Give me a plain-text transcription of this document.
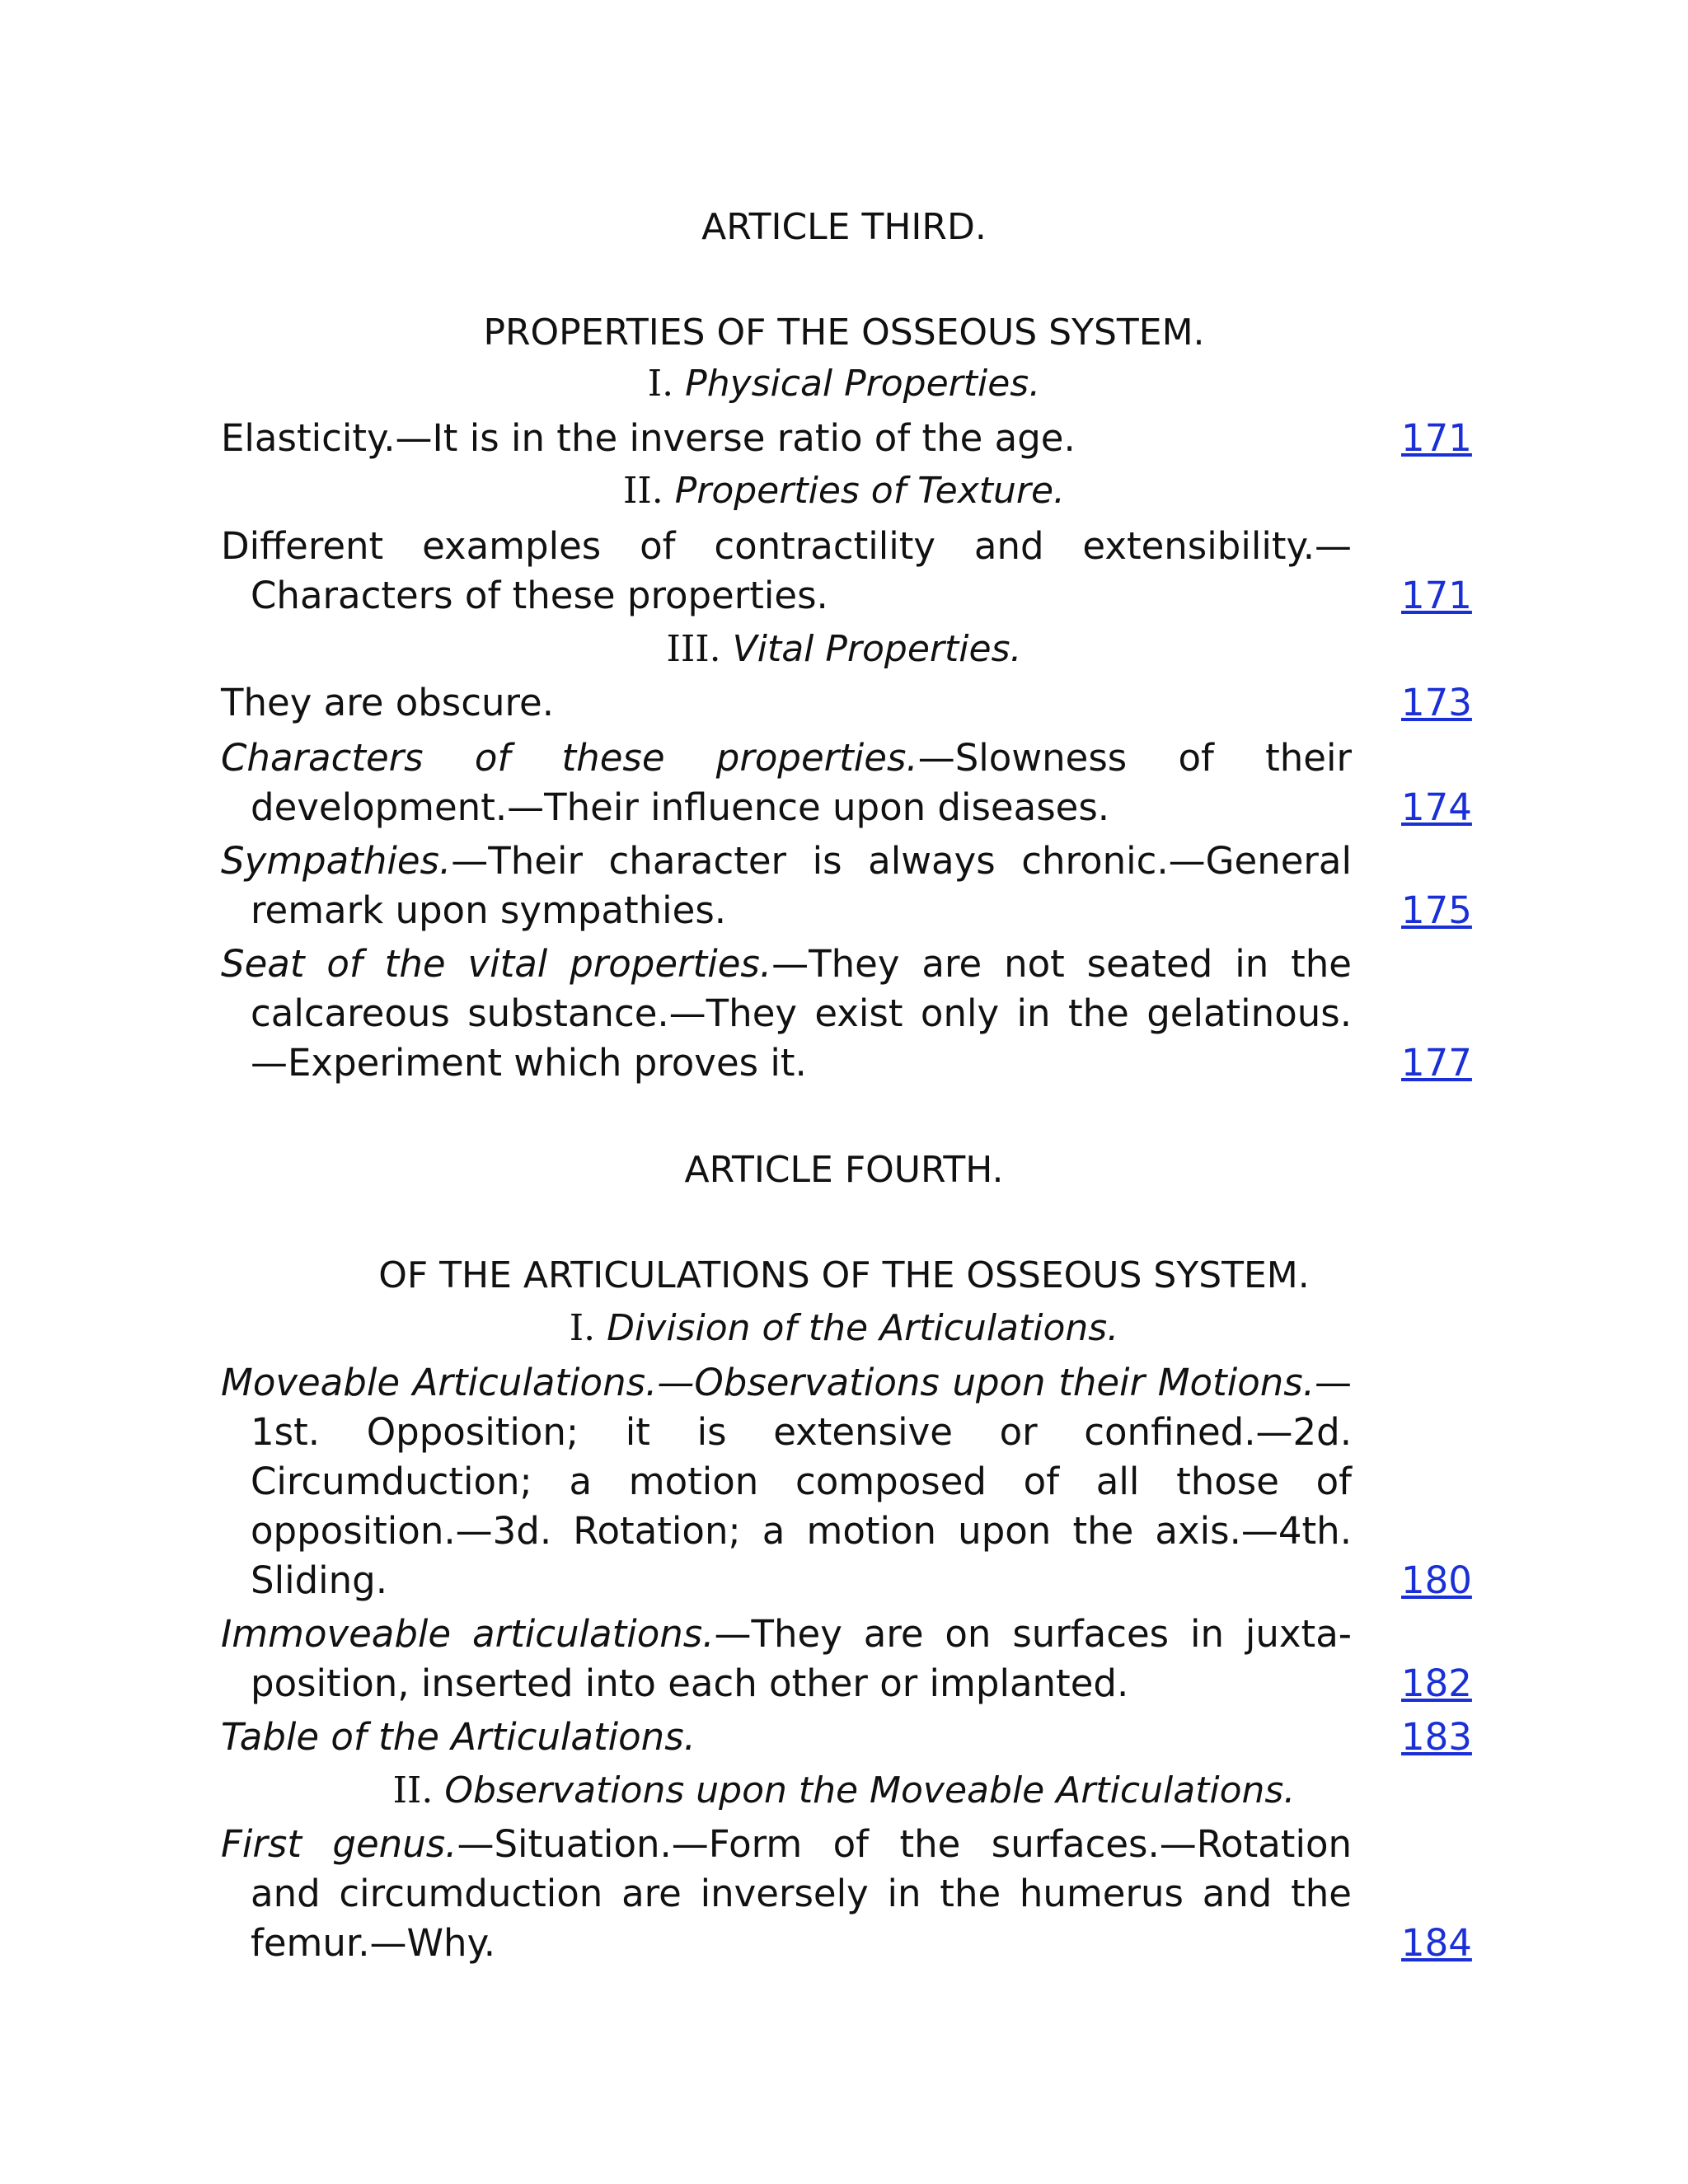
ARTICLE THIRD.
PROPERTIES OF THE OSSEOUS SYSTEM.
I. Physical Properties.
Elasticity.—It is in the inverse ratio of the age.	171
II. Properties of Texture.
Different examples of contractility and extensibility.—Characters of these properties.	171
III. Vital Properties.
They are obscure.	173
Characters of these properties.—Slowness of their development.—Their influence upon diseases.	174
Sympathies.—Their character is always chronic.—General remark upon sympathies.	175
Seat of the vital properties.—They are not seated in the calcareous substance.—They exist only in the gelatinous.—Experiment which proves it.	177
ARTICLE FOURTH.
OF THE ARTICULATIONS OF THE OSSEOUS SYSTEM.
I. Division of the Articulations.
Moveable Articulations.—Observations upon their Motions.—1st. Opposition; it is extensive or confined.—2d. Circumduction; a motion composed of all those of opposition.—3d. Rotation; a motion upon the axis.—4th. Sliding.	180
Immoveable articulations.—They are on surfaces in juxta-position, inserted into each other or implanted.	182
Table of the Articulations.	183
II. Observations upon the Moveable Articulations.
First genus.—Situation.—Form of the surfaces.—Rotation and circumduction are inversely in the humerus and the femur.—Why.	184
